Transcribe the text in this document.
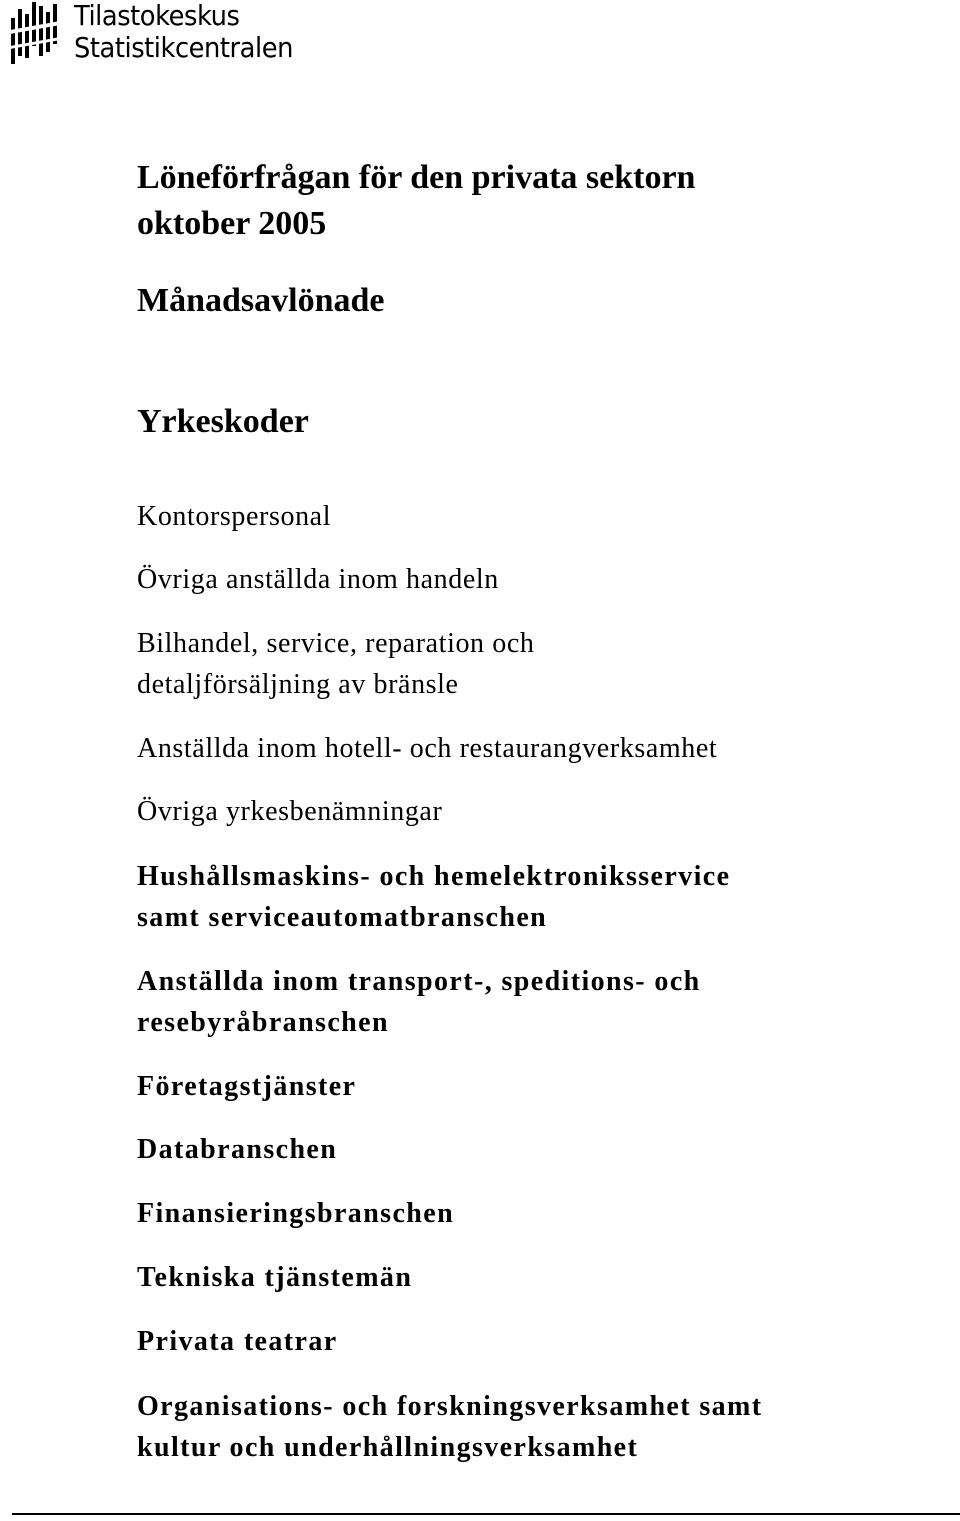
Tilastokeskus
Statistikcentralen
Löneförfrågan för den privata sektorn
oktober 2005
Månadsavlönade
Yrkeskoder

Kontorspersonal

Övriga anställda inom handeln

Bilhandel, service, reparation och
detaljförsäljning av bränsle

Anställda inom hotell- och restaurangverksamhet

Övriga yrkesbenämningar

Hushållsmaskins- och hemelektroniksservice
samt serviceautomatbranschen

Anställda inom transport-, speditions- och
resebyråbranschen

Företagstjänster

Databranschen

Finansieringsbranschen

Tekniska tjänstemän

Privata teatrar

Organisations- och forskningsverksamhet samt
kultur och underhållningsverksamhet
